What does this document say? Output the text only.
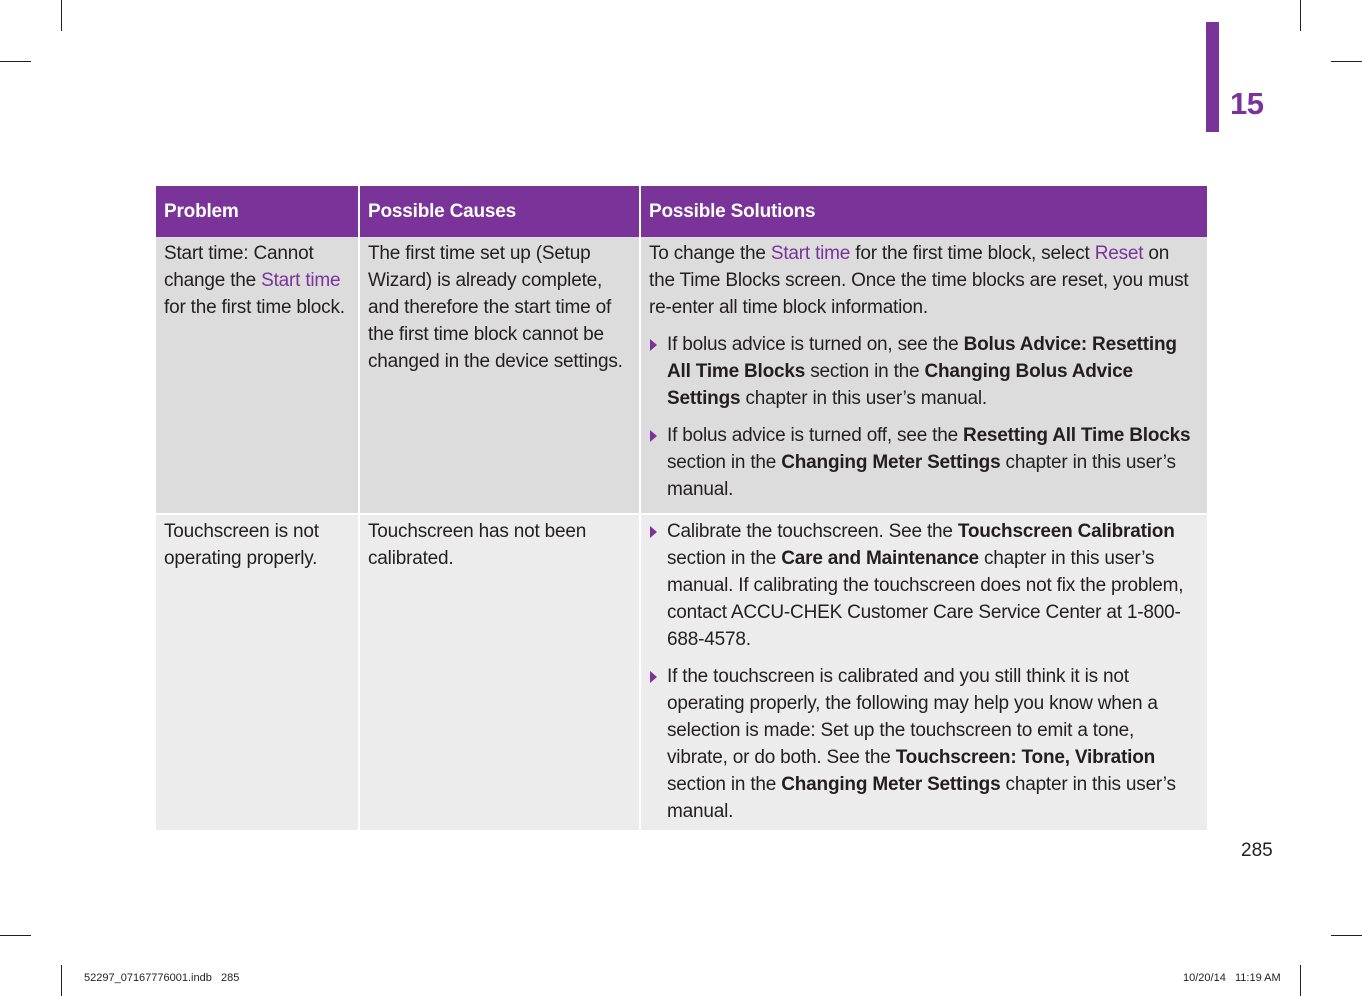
15
Problem	Possible Causes	Possible Solutions
Start time: Cannot change the Start time for the first time block.	The first time set up (Setup Wizard) is already complete, and therefore the start time of the first time block cannot be changed in the device settings.	To change the Start time for the first time block, select Reset on the Time Blocks screen. Once the time blocks are reset, you must re-enter all time block information.
If bolus advice is turned on, see the Bolus Advice: Resetting All Time Blocks section in the Changing Bolus Advice Settings chapter in this user’s manual.
If bolus advice is turned off, see the Resetting All Time Blocks section in the Changing Meter Settings chapter in this user’s manual.

Touchscreen is not operating properly.	Touchscreen has not been calibrated.	Calibrate the touchscreen. See the Touchscreen Calibration section in the Care and Maintenance chapter in this user’s manual. If calibrating the touchscreen does not fix the problem, contact ACCU-CHEK Customer Care Service Center at 1-800-688-4578.
If the touchscreen is calibrated and you still think it is not operating properly, the following may help you know when a selection is made: Set up the touchscreen to emit a tone, vibrate, or do both. See the Touchscreen: Tone, Vibration section in the Changing Meter Settings chapter in this user’s manual.
285
52297_07167776001.indb   285	10/20/14   11:19 AM
